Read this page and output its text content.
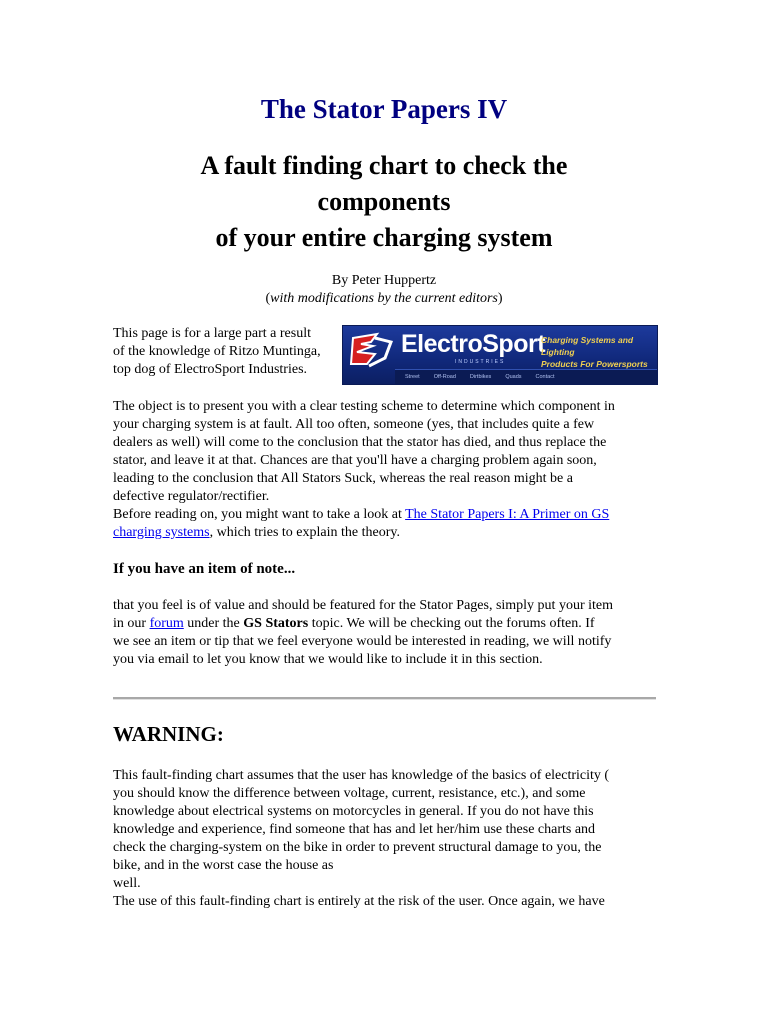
The Stator Papers IV
A fault finding chart to check the
components
of your entire charging system
By Peter Huppertz
(with modifications by the current editors)

This page is for a large part a result
of the knowledge of Ritzo Muntinga,
top dog of ElectroSport Industries.

ElectroSport
INDUSTRIES
Charging Systems and Lighting
Products For Powersports
Street	Off-Road	Dirtbikes	Quads	Contact

The object is to present you with a clear testing scheme to determine which component in
your charging system is at fault. All too often, someone (yes, that includes quite a few
dealers as well) will come to the conclusion that the stator has died, and thus replace the
stator, and leave it at that. Chances are that you'll have a charging problem again soon,
leading to the conclusion that All Stators Suck, whereas the real reason might be a
defective regulator/rectifier.
Before reading on, you might want to take a look at The Stator Papers I: A Primer on GS
charging systems, which tries to explain the theory.

If you have an item of note...

that you feel is of value and should be featured for the Stator Pages, simply put your item
in our forum under the GS Stators topic. We will be checking out the forums often. If
we see an item or tip that we feel everyone would be interested in reading, we will notify
you via email to let you know that we would like to include it in this section.

WARNING:

This fault-finding chart assumes that the user has knowledge of the basics of electricity (
you should know the difference between voltage, current, resistance, etc.), and some
knowledge about electrical systems on motorcycles in general. If you do not have this
knowledge and experience, find someone that has and let her/him use these charts and
check the charging-system on the bike in order to prevent structural damage to you, the
bike, and in the worst case the house as
well.
The use of this fault-finding chart is entirely at the risk of the user. Once again, we have
